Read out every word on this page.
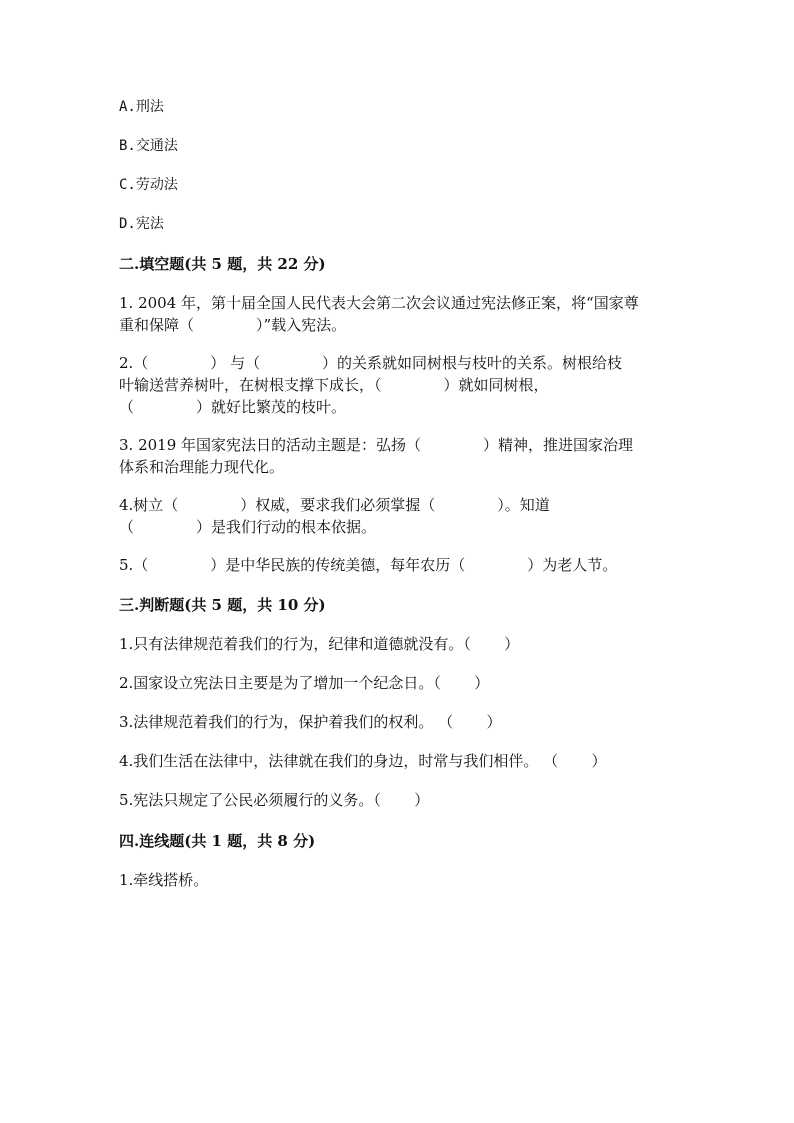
A.刑法
B.交通法
C.劳动法
D.宪法
二.填空题(共 5 题，共 22 分)
1. 2004 年，第十届全国人民代表大会第二次会议通过宪法修正案，将“国家尊
重和保障（             ）”载入宪法。
2.（             ） 与（             ）的关系就如同树根与枝叶的关系。树根给枝
叶输送营养树叶，在树根支撑下成长，（             ）就如同树根，
（             ）就好比繁茂的枝叶。
3. 2019 年国家宪法日的活动主题是：弘扬（             ）精神，推进国家治理
体系和治理能力现代化。
4.树立（             ）权威，要求我们必须掌握（             ）。知道
（             ）是我们行动的根本依据。
5.（             ）是中华民族的传统美德，每年农历（             ）为老人节。
三.判断题(共 5 题，共 10 分)
1.只有法律规范着我们的行为，纪律和道德就没有。（       ）
2.国家设立宪法日主要是为了增加一个纪念日。（       ）
3.法律规范着我们的行为，保护着我们的权利。 （       ）
4.我们生活在法律中，法律就在我们的身边，时常与我们相伴。 （       ）
5.宪法只规定了公民必须履行的义务。（       ）
四.连线题(共 1 题，共 8 分)
1.牵线搭桥。
